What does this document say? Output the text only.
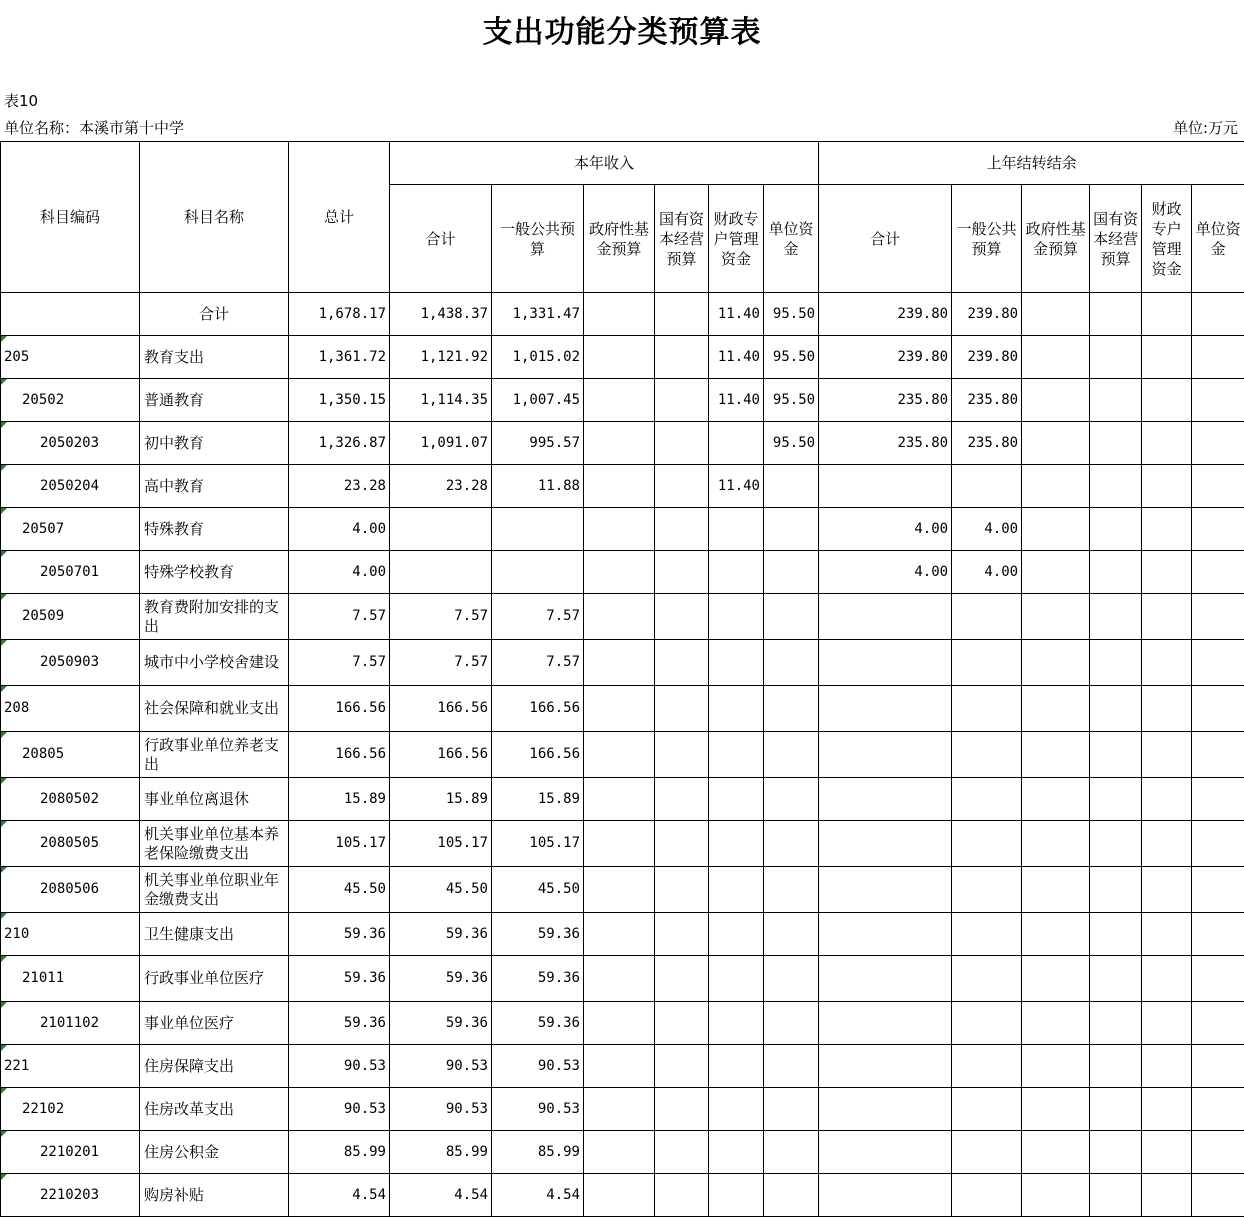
支出功能分类预算表
表10
单位名称：本溪市第十中学	单位:万元
科目编码	科目名称	总计	本年收入						上年结转结余					
			合计	一般公共预算	政府性基金预算	国有资本经营预算	财政专户管理资金	单位资金	合计	一般公共预算	政府性基金预算	国有资本经营预算	财政专户管理资金	单位资金
	合计	1,678.17	1,438.37	1,331.47			11.40	95.50	239.80	239.80				

205	教育支出	1,361.72	1,121.92	1,015.02			11.40	95.50	239.80	239.80				

20502	普通教育	1,350.15	1,114.35	1,007.45			11.40	95.50	235.80	235.80				

2050203	初中教育	1,326.87	1,091.07	995.57				95.50	235.80	235.80				

2050204	高中教育	23.28	23.28	11.88			11.40							

20507	特殊教育	4.00							4.00	4.00				

2050701	特殊学校教育	4.00							4.00	4.00				

20509	教育费附加安排的支出	7.57	7.57	7.57										

2050903	城市中小学校舍建设	7.57	7.57	7.57										

208	社会保障和就业支出	166.56	166.56	166.56										

20805	行政事业单位养老支出	166.56	166.56	166.56										

2080502	事业单位离退休	15.89	15.89	15.89										

2080505	机关事业单位基本养老保险缴费支出	105.17	105.17	105.17										

2080506	机关事业单位职业年金缴费支出	45.50	45.50	45.50										

210	卫生健康支出	59.36	59.36	59.36										

21011	行政事业单位医疗	59.36	59.36	59.36										

2101102	事业单位医疗	59.36	59.36	59.36										

221	住房保障支出	90.53	90.53	90.53										

22102	住房改革支出	90.53	90.53	90.53										

2210201	住房公积金	85.99	85.99	85.99										

2210203	购房补贴	4.54	4.54	4.54										
